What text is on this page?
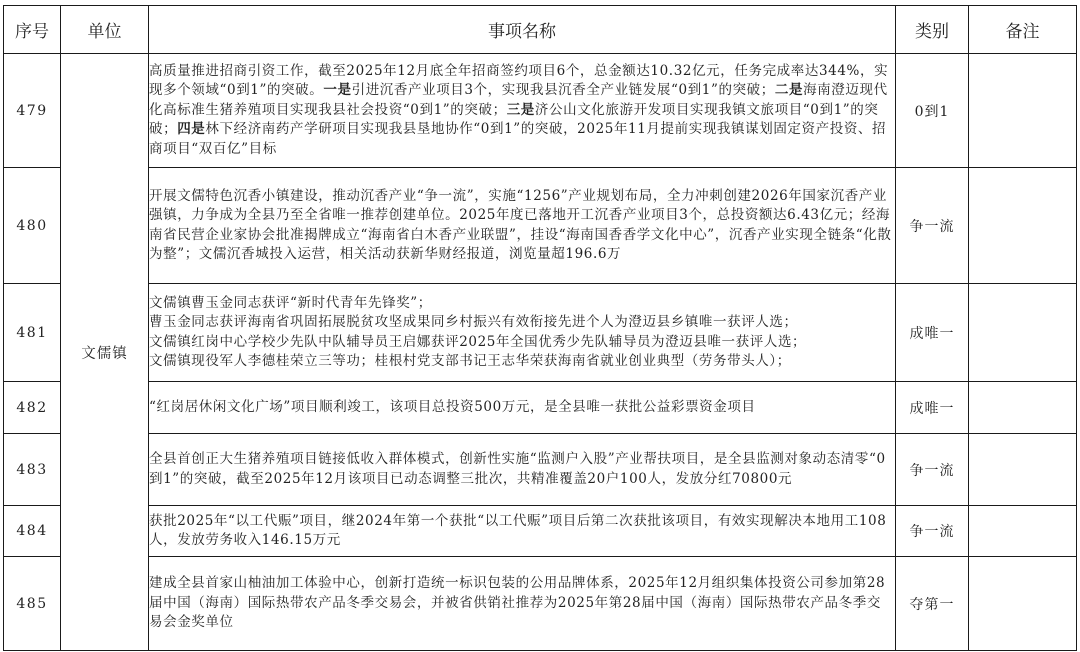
序号	单位	事项名称	类别	备注
479	文儒镇	高质量推进招商引资工作，截至2025年12月底全年招商签约项目6个，总金额达10.32亿元，任务完成率达344%，实现多个领域“0到1”的突破。一是引进沉香产业项目3个，实现我县沉香全产业链发展“0到1”的突破；二是海南澄迈现代化高标准生猪养殖项目实现我县社会投资“0到1”的突破；三是济公山文化旅游开发项目实现我镇文旅项目“0到1”的突破；四是林下经济南药产学研项目实现我县垦地协作“0到1”的突破，2025年11月提前实现我镇谋划固定资产投资、招商项目“双百亿”目标	0到1	
480		开展文儒特色沉香小镇建设，推动沉香产业“争一流”，实施“1256”产业规划布局，全力冲刺创建2026年国家沉香产业强镇，力争成为全县乃至全省唯一推荐创建单位。2025年度已落地开工沉香产业项目3个，总投资额达6.43亿元；经海南省民营企业家协会批准揭牌成立“海南省白木香产业联盟”，挂设“海南国香香学文化中心”，沉香产业实现全链条“化散为整”；文儒沉香城投入运营，相关活动获新华财经报道，浏览量超196.6万	争一流	
481		文儒镇曹玉金同志获评“新时代青年先锋奖”；
曹玉金同志获评海南省巩固拓展脱贫攻坚成果同乡村振兴有效衔接先进个人为澄迈县乡镇唯一获评人选；
文儒镇红岗中心学校少先队中队辅导员王启娜获评2025年全国优秀少先队辅导员为澄迈县唯一获评人选；
文儒镇现役军人李德桂荣立三等功；桂根村党支部书记王志华荣获海南省就业创业典型（劳务带头人）；	成唯一	
482		“红岗居休闲文化广场”项目顺利竣工，该项目总投资500万元，是全县唯一获批公益彩票资金项目	成唯一	
483		全县首创正大生猪养殖项目链接低收入群体模式，创新性实施“监测户入股”产业帮扶项目，是全县监测对象动态清零“0到1”的突破，截至2025年12月该项目已动态调整三批次，共精准覆盖20户100人，发放分红70800元	争一流	
484		获批2025年“以工代赈”项目，继2024年第一个获批“以工代赈”项目后第二次获批该项目，有效实现解决本地用工108人，发放劳务收入146.15万元	争一流	
485		建成全县首家山柚油加工体验中心，创新打造统一标识包装的公用品牌体系，2025年12月组织集体投资公司参加第28届中国（海南）国际热带农产品冬季交易会，并被省供销社推荐为2025年第28届中国（海南）国际热带农产品冬季交易会金奖单位	夺第一	
